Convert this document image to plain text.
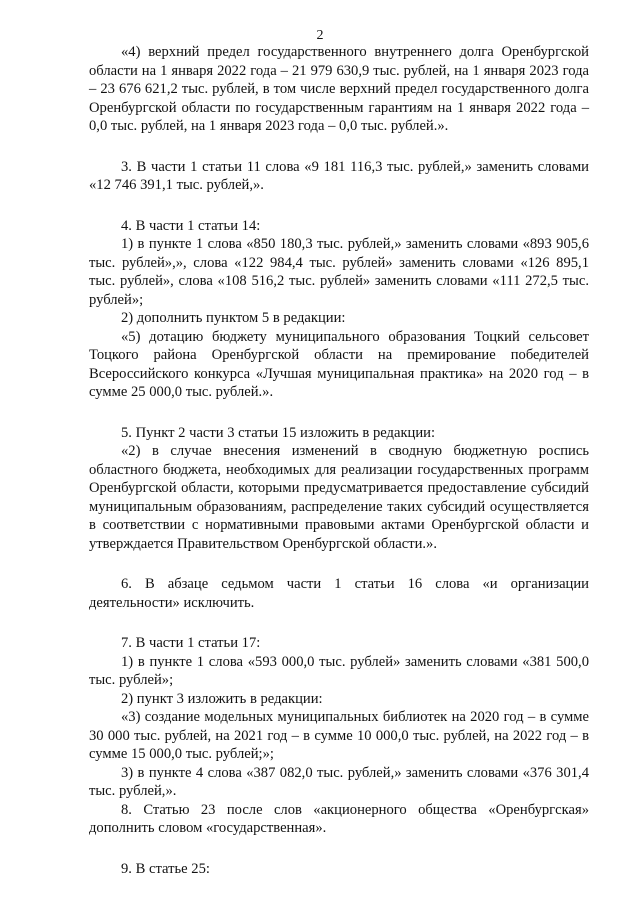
2

«4) верхний предел государственного внутреннего долга Оренбургской области на 1 января 2022 года – 21 979 630,9 тыс. рублей, на 1 января 2023 года – 23 676 621,2 тыс. рублей, в том числе верхний предел государственного долга Оренбургской области по государственным гарантиям на 1 января 2022 года – 0,0 тыс. рублей, на 1 января 2023 года – 0,0 тыс. рублей.».

3. В части 1 статьи 11 слова «9 181 116,3 тыс. рублей,» заменить словами «12 746 391,1 тыс. рублей,».

4. В части 1 статьи 14:

1) в пункте 1 слова «850 180,3 тыс. рублей,» заменить словами «893 905,6 тыс. рублей»,», слова «122 984,4 тыс. рублей» заменить словами «126 895,1 тыс. рублей», слова «108 516,2 тыс. рублей» заменить словами «111 272,5 тыс. рублей»;

2) дополнить пунктом 5 в редакции:

«5) дотацию бюджету муниципального образования Тоцкий сельсовет Тоцкого района Оренбургской области на премирование победителей Всероссийского конкурса «Лучшая муниципальная практика» на 2020 год – в сумме 25 000,0 тыс. рублей.».

5. Пункт 2 части 3 статьи 15 изложить в редакции:

«2) в случае внесения изменений в сводную бюджетную роспись областного бюджета, необходимых для реализации государственных программ Оренбургской области, которыми предусматривается предоставление субсидий муниципальным образованиям, распределение таких субсидий осуществляется в соответствии с нормативными правовыми актами Оренбургской области и утверждается Правительством Оренбургской области.».

6. В абзаце седьмом части 1 статьи 16 слова «и организации деятельности» исключить.

7. В части 1 статьи 17:

1) в пункте 1 слова «593 000,0 тыс. рублей» заменить словами «381 500,0 тыс. рублей»;

2) пункт 3 изложить в редакции:

«3) создание модельных муниципальных библиотек на 2020 год – в сумме 30 000 тыс. рублей, на 2021 год – в сумме 10 000,0 тыс. рублей, на 2022 год – в сумме 15 000,0 тыс. рублей;»;

3) в пункте 4 слова «387 082,0 тыс. рублей,» заменить словами «376 301,4 тыс. рублей,».

8. Статью 23 после слов «акционерного общества «Оренбургская» дополнить словом «государственная».

9. В статье 25:
